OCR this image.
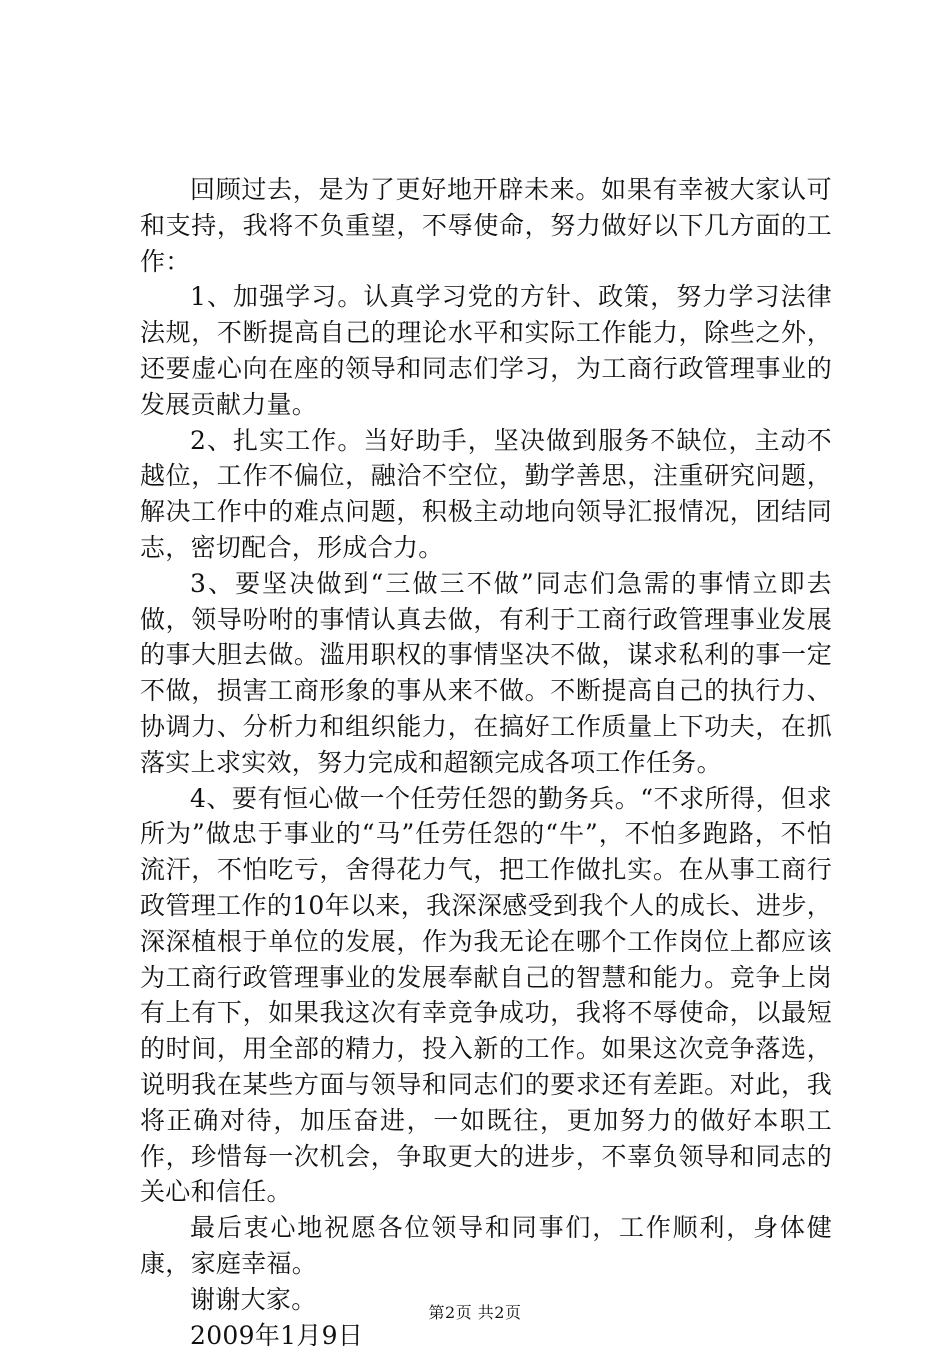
回顾过去，是为了更好地开辟未来。如果有幸被大家认可和支持，我将不负重望，不辱使命，努力做好以下几方面的工作：

1、加强学习。认真学习党的方针、政策，努力学习法律法规，不断提高自己的理论水平和实际工作能力，除些之外，还要虚心向在座的领导和同志们学习，为工商行政管理事业的发展贡献力量。

2、扎实工作。当好助手，坚决做到服务不缺位，主动不越位，工作不偏位，融洽不空位，勤学善思，注重研究问题，解决工作中的难点问题，积极主动地向领导汇报情况，团结同志，密切配合，形成合力。

3、要坚决做到“三做三不做”同志们急需的事情立即去做，领导吩咐的事情认真去做，有利于工商行政管理事业发展的事大胆去做。滥用职权的事情坚决不做，谋求私利的事一定不做，损害工商形象的事从来不做。不断提高自己的执行力、协调力、分析力和组织能力，在搞好工作质量上下功夫，在抓落实上求实效，努力完成和超额完成各项工作任务。

4、要有恒心做一个任劳任怨的勤务兵。“不求所得，但求所为”做忠于事业的“马”任劳任怨的“牛”，不怕多跑路，不怕流汗，不怕吃亏，舍得花力气，把工作做扎实。在从事工商行政管理工作的10年以来，我深深感受到我个人的成长、进步，深深植根于单位的发展，作为我无论在哪个工作岗位上都应该为工商行政管理事业的发展奉献自己的智慧和能力。竞争上岗有上有下，如果我这次有幸竞争成功，我将不辱使命，以最短的时间，用全部的精力，投入新的工作。如果这次竞争落选，说明我在某些方面与领导和同志们的要求还有差距。对此，我将正确对待，加压奋进，一如既往，更加努力的做好本职工作，珍惜每一次机会，争取更大的进步，不辜负领导和同志的关心和信任。

最后衷心地祝愿各位领导和同事们，工作顺利，身体健康，家庭幸福。

谢谢大家。

2009年1月9日

第2页 共2页
